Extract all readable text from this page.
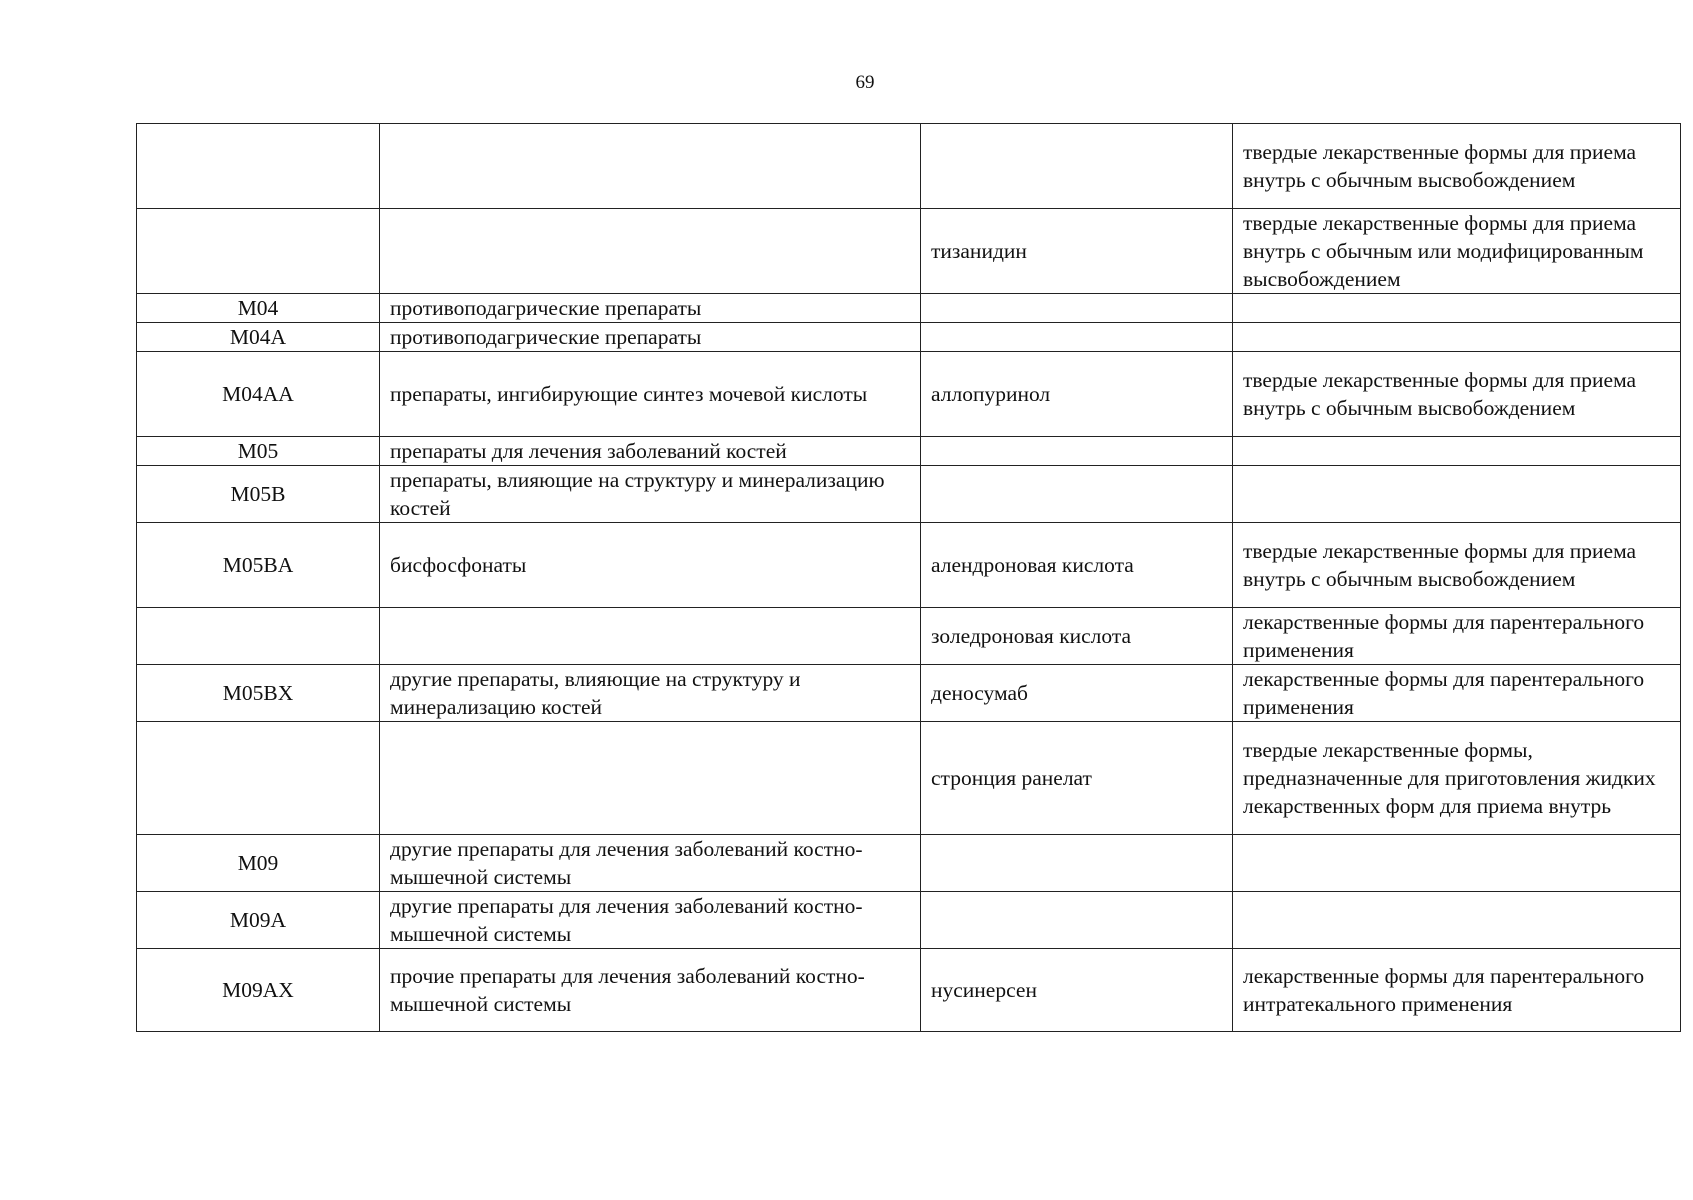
69
			твердые лекарственные формы для приема внутрь с обычным высвобождением
		тизанидин	твердые лекарственные формы для приема внутрь с обычным или модифицированным высвобождением
M04	противоподагрические препараты		
M04A	противоподагрические препараты		
M04AA	препараты, ингибирующие синтез мочевой кислоты	аллопуринол	твердые лекарственные формы для приема внутрь с обычным высвобождением
M05	препараты для лечения заболеваний костей		
M05B	препараты, влияющие на структуру и минерализацию костей		
M05BA	бисфосфонаты	алендроновая кислота	твердые лекарственные формы для приема внутрь с обычным высвобождением
		золедроновая кислота	лекарственные формы для парентерального применения
M05BX	другие препараты, влияющие на структуру и минерализацию костей	деносумаб	лекарственные формы для парентерального применения
		стронция ранелат	твердые лекарственные формы, предназначенные для приготовления жидких лекарственных форм для приема внутрь
M09	другие препараты для лечения заболеваний костно-мышечной системы		
M09A	другие препараты для лечения заболеваний костно-мышечной системы		
M09AX	прочие препараты для лечения заболеваний костно-мышечной системы	нусинерсен	лекарственные формы для парентерального интратекального применения
